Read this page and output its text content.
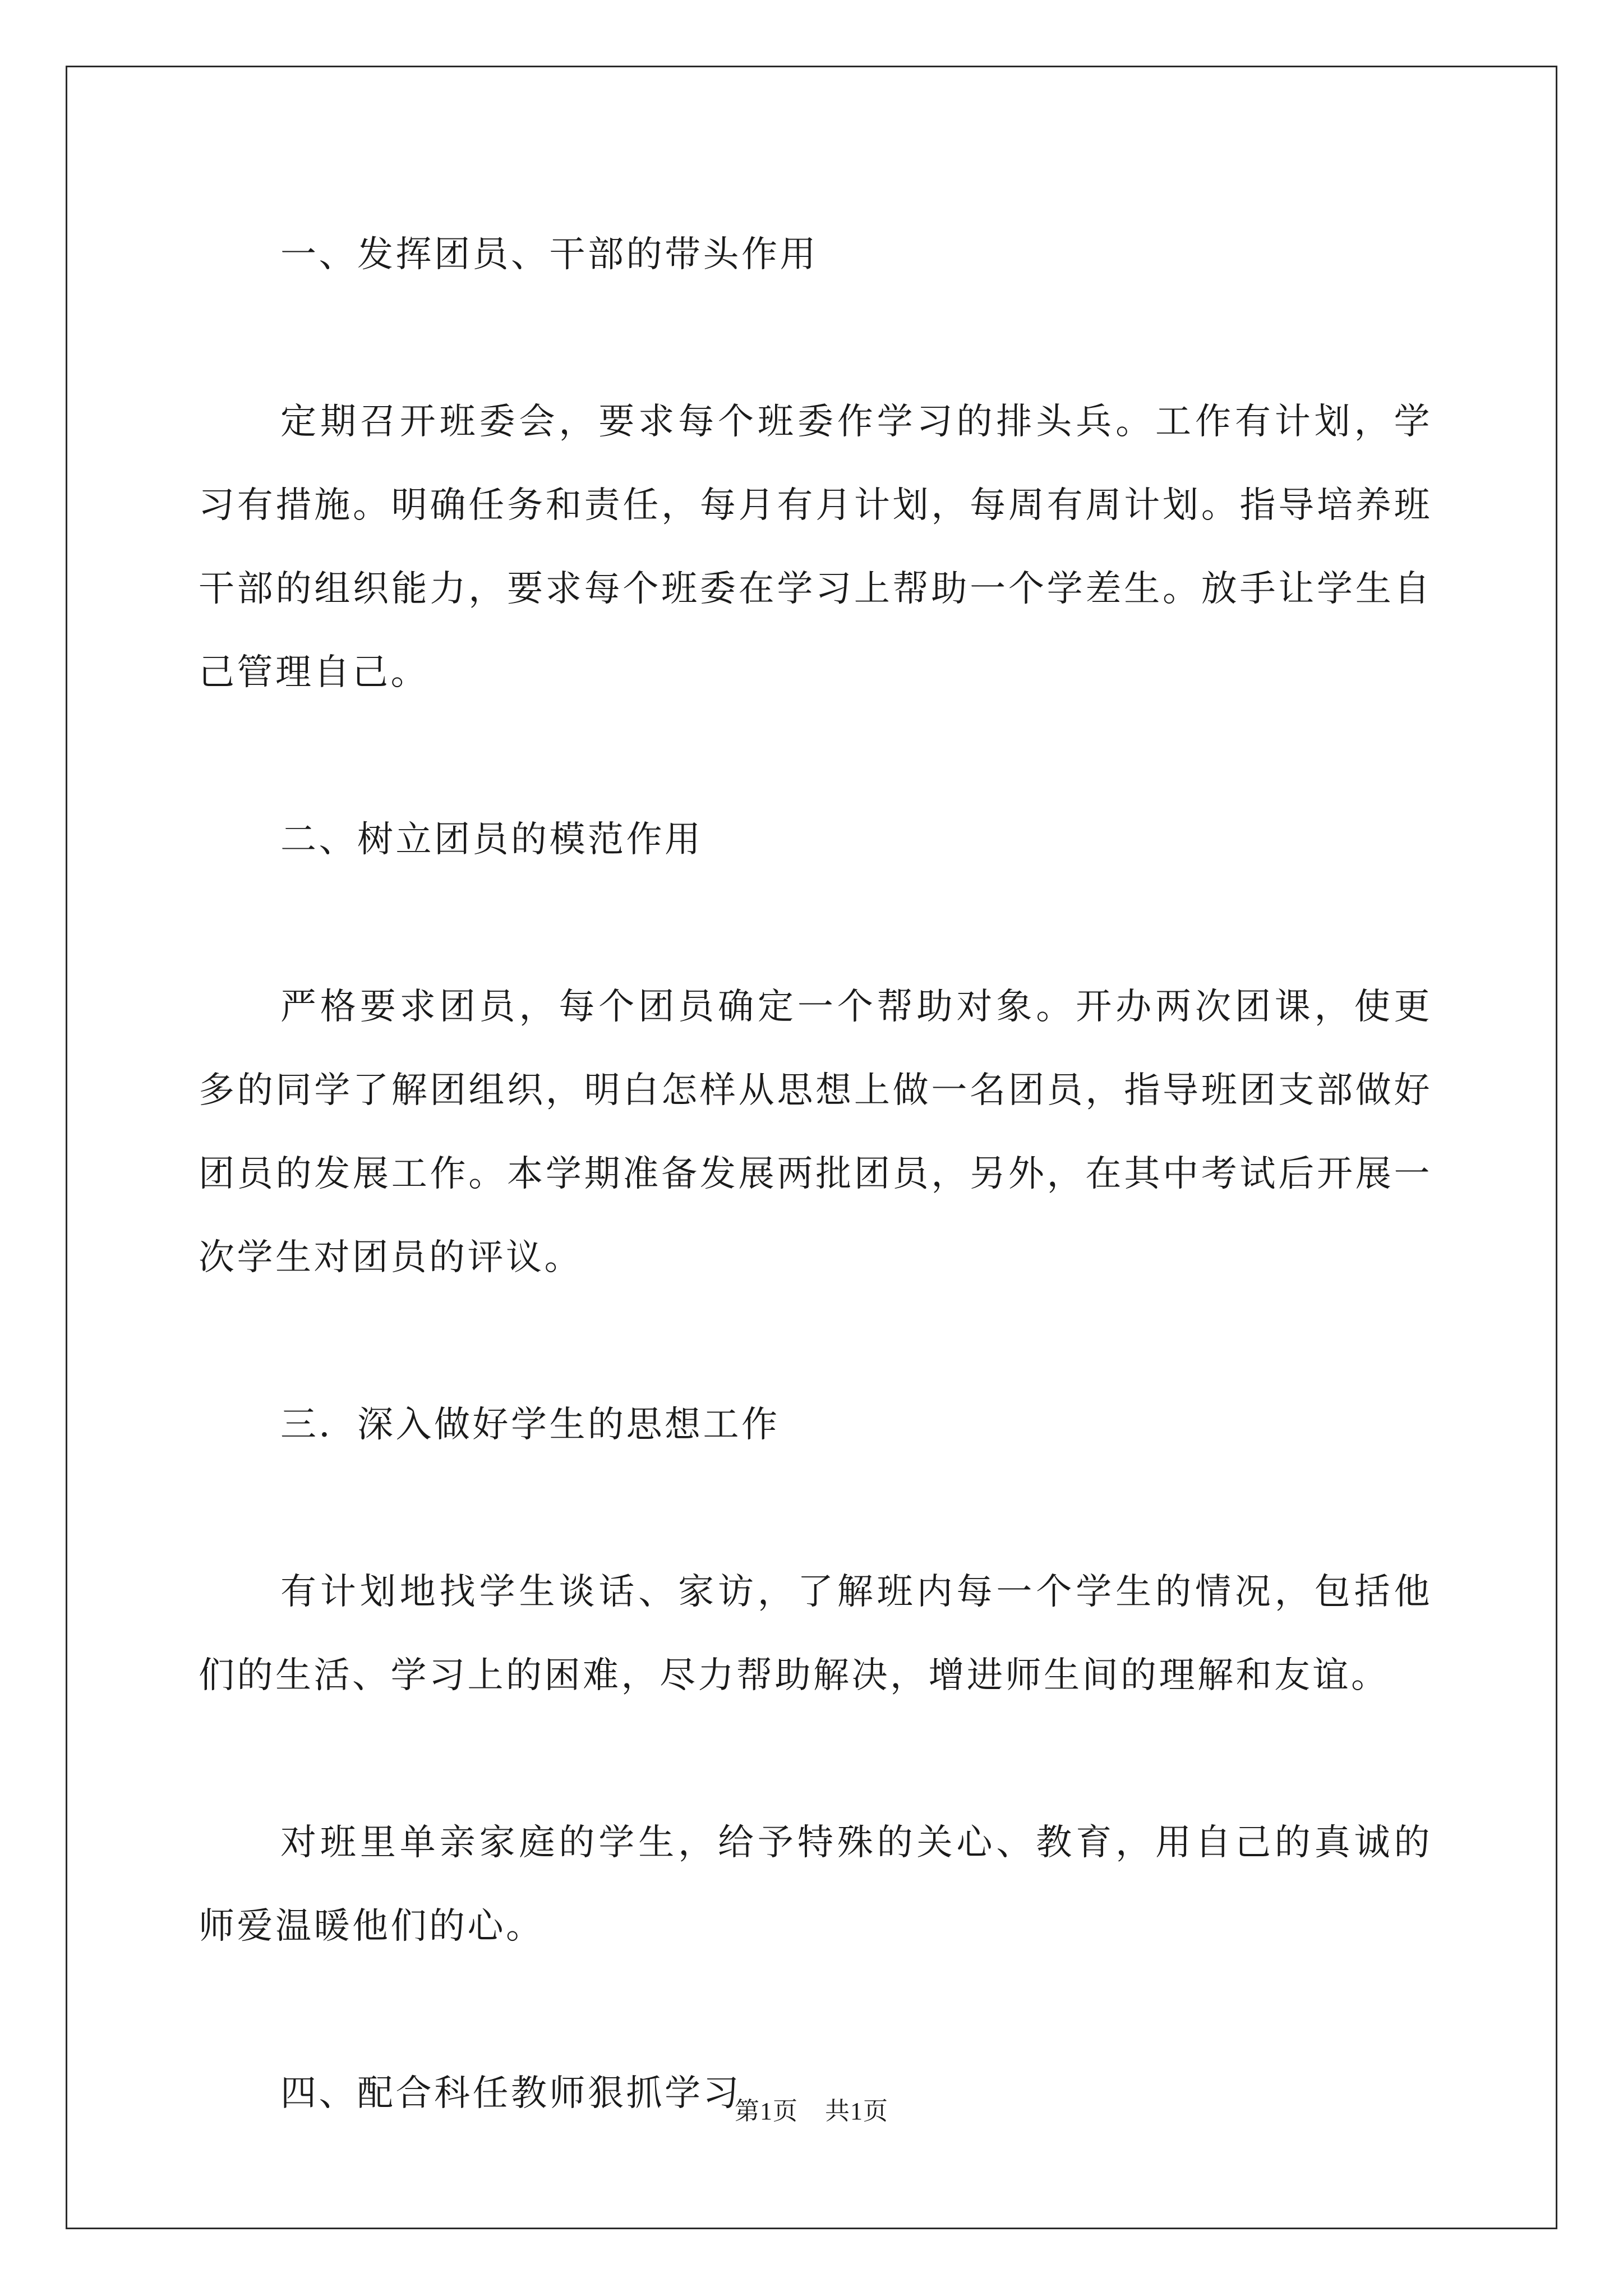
一、发挥团员、干部的带头作用

定期召开班委会，要求每个班委作学习的排头兵。工作有计划，学习有措施。明确任务和责任，每月有月计划，每周有周计划。指导培养班干部的组织能力，要求每个班委在学习上帮助一个学差生。放手让学生自己管理自己。

二、树立团员的模范作用

严格要求团员，每个团员确定一个帮助对象。开办两次团课，使更多的同学了解团组织，明白怎样从思想上做一名团员，指导班团支部做好团员的发展工作。本学期准备发展两批团员，另外，在其中考试后开展一次学生对团员的评议。

三．深入做好学生的思想工作

有计划地找学生谈话、家访，了解班内每一个学生的情况，包括他们的生活、学习上的困难，尽力帮助解决，增进师生间的理解和友谊。

对班里单亲家庭的学生，给予特殊的关心、教育，用自己的真诚的师爱温暖他们的心。

四、配合科任教师狠抓学习

第1页 共1页
